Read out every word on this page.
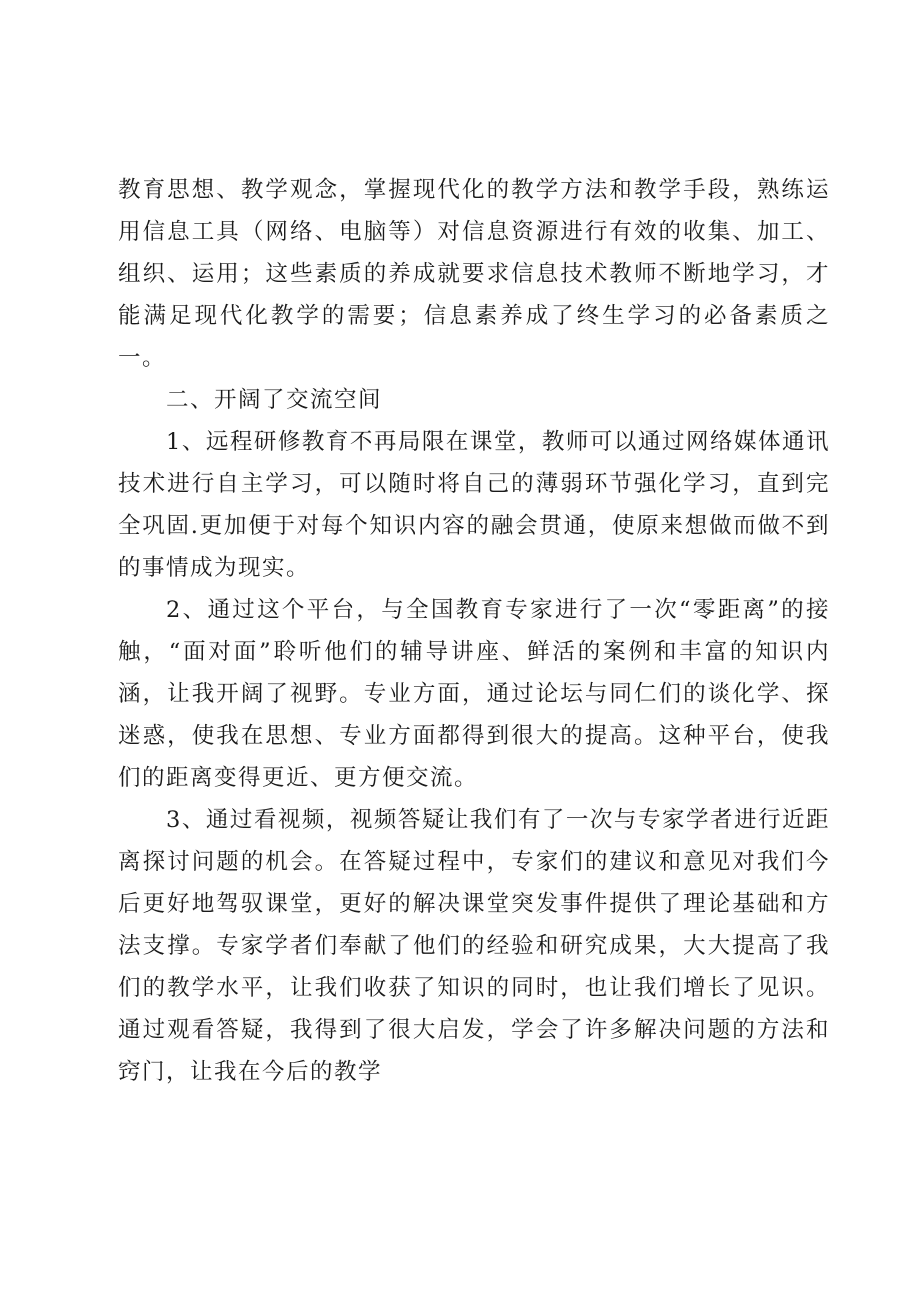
教育思想、教学观念，掌握现代化的教学方法和教学手段，熟练运用信息工具（网络、电脑等）对信息资源进行有效的收集、加工、组织、运用；这些素质的养成就要求信息技术教师不断地学习，才能满足现代化教学的需要；信息素养成了终生学习的必备素质之一。

二、开阔了交流空间

1、远程研修教育不再局限在课堂，教师可以通过网络媒体通讯技术进行自主学习，可以随时将自己的薄弱环节强化学习，直到完全巩固.更加便于对每个知识内容的融会贯通，使原来想做而做不到的事情成为现实。

2、通过这个平台，与全国教育专家进行了一次“零距离”的接触，“面对面”聆听他们的辅导讲座、鲜活的案例和丰富的知识内涵，让我开阔了视野。专业方面，通过论坛与同仁们的谈化学、探迷惑，使我在思想、专业方面都得到很大的提高。这种平台，使我们的距离变得更近、更方便交流。

3、通过看视频，视频答疑让我们有了一次与专家学者进行近距离探讨问题的机会。在答疑过程中，专家们的建议和意见对我们今后更好地驾驭课堂，更好的解决课堂突发事件提供了理论基础和方法支撑。专家学者们奉献了他们的经验和研究成果，大大提高了我们的教学水平，让我们收获了知识的同时，也让我们增长了见识。通过观看答疑，我得到了很大启发，学会了许多解决问题的方法和窍门，让我在今后的教学
